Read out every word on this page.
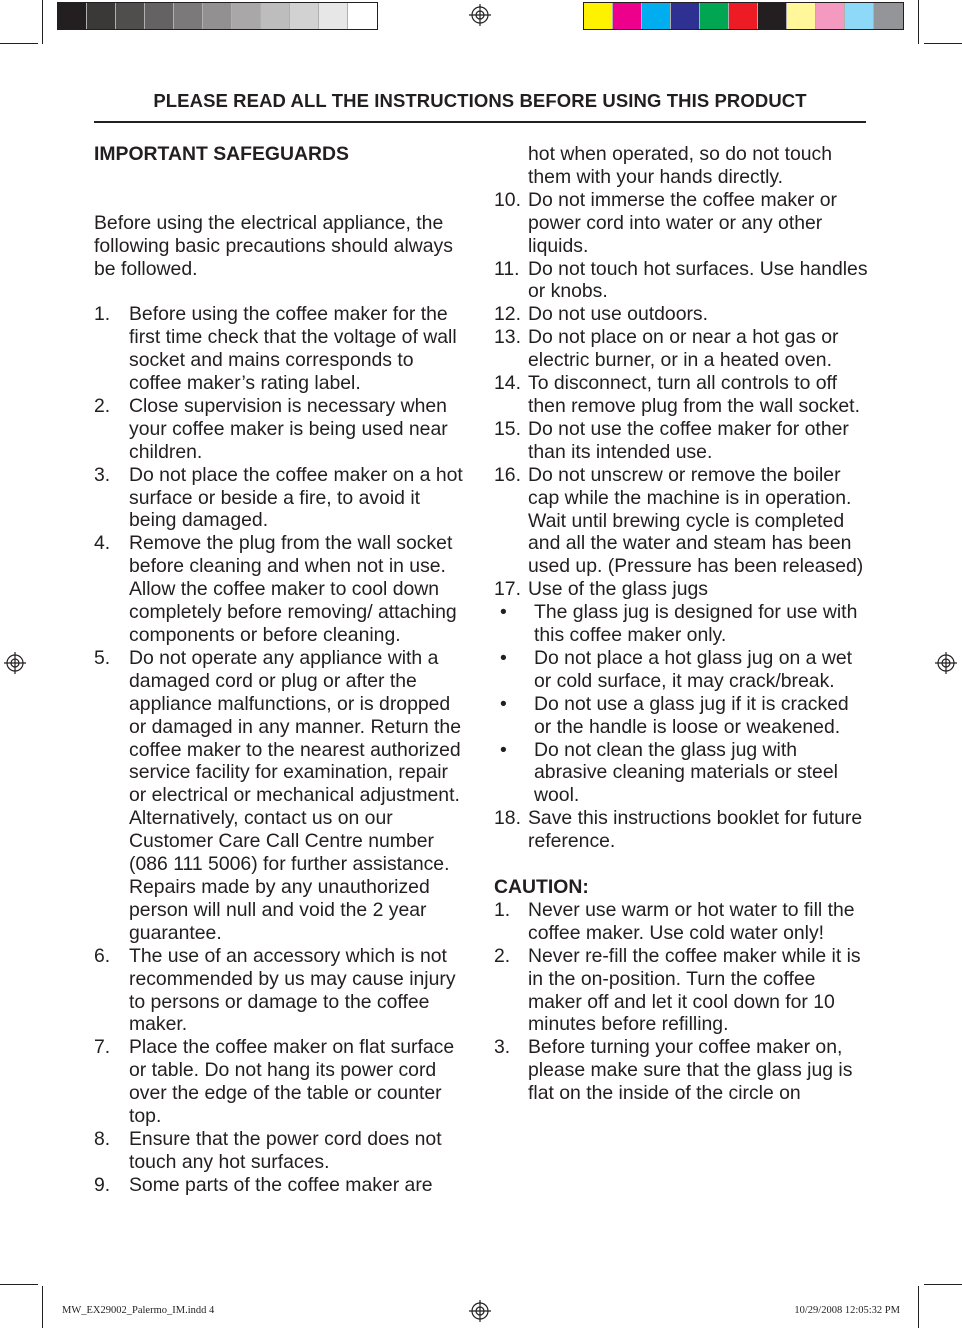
PLEASE READ ALL THE INSTRUCTIONS BEFORE USING THIS PRODUCT

IMPORTANT SAFEGUARDS

Before using the electrical appliance, the following basic precautions should always be followed.

1. Before using the coffee maker for the first time check that the voltage of wall socket and mains corresponds to coffee maker’s rating label.
2. Close supervision is necessary when your coffee maker is being used near children.
3. Do not place the coffee maker on a hot surface or beside a fire, to avoid it being damaged.
4. Remove the plug from the wall socket before cleaning and when not in use. Allow the coffee maker to cool down completely before removing/ attaching components or before cleaning.
5. Do not operate any appliance with a damaged cord or plug or after the appliance malfunctions, or is dropped or damaged in any manner. Return the coffee maker to the nearest authorized service facility for examination, repair or electrical or mechanical adjustment. Alternatively, contact us on our Customer Care Call Centre number (086 111 5006) for further assistance. Repairs made by any unauthorized person will null and void the 2 year guarantee.
6. The use of an accessory which is not recommended by us may cause injury to persons or damage to the coffee maker.
7. Place the coffee maker on flat surface or table. Do not hang its power cord over the edge of the table or counter top.
8. Ensure that the power cord does not touch any hot surfaces.
9. Some parts of the coffee maker are

hot when operated, so do not touch them with your hands directly.

10. Do not immerse the coffee maker or power cord into water or any other liquids.
11. Do not touch hot surfaces. Use handles or knobs.
12. Do not use outdoors.
13. Do not place on or near a hot gas or electric burner, or in a heated oven.
14. To disconnect, turn all controls to off then remove plug from the wall socket.
15. Do not use the coffee maker for other than its intended use.
16. Do not unscrew or remove the boiler cap while the machine is in operation. Wait until brewing cycle is completed and all the water and steam has been used up. (Pressure has been released)
17. Use of the glass jugs
• The glass jug is designed for use with this coffee maker only.
• Do not place a hot glass jug on a wet or cold surface, it may crack/break.
• Do not use a glass jug if it is cracked or the handle is loose or weakened.
• Do not clean the glass jug with abrasive cleaning materials or steel wool.
18. Save this instructions booklet for future reference.

CAUTION:

1. Never use warm or hot water to fill the coffee maker. Use cold water only!
2. Never re-fill the coffee maker while it is in the on-position. Turn the coffee maker off and let it cool down for 10 minutes before refilling.
3. Before turning your coffee maker on, please make sure that the glass jug is flat on the inside of the circle on
MW_EX29002_Palermo_IM.indd 4	10/29/2008 12:05:32 PM
